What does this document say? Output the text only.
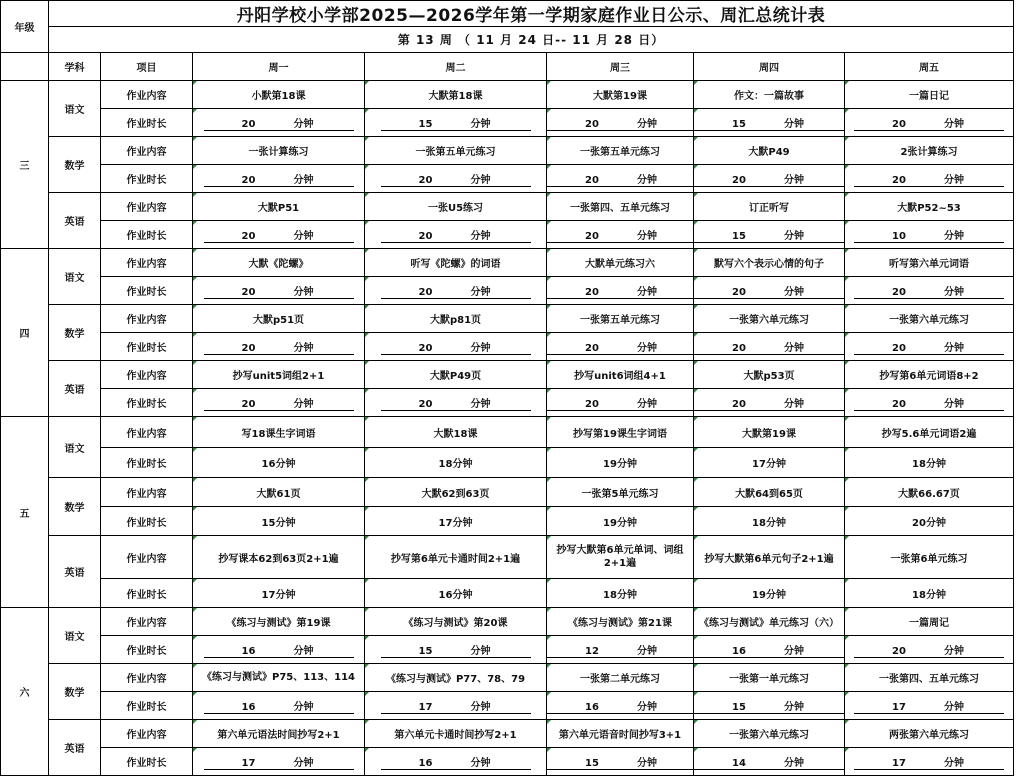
年级	丹阳学校小学部2025—2026学年第一学期家庭作业日公示、周汇总统计表						
	第 13 周 （ 11 月 24 日-- 11 月 28 日）						
	学科	项目	周一	周二	周三	周四	周五
三	语文	作业内容	小默第18课	大默第18课	大默第19课	作文：一篇故事	一篇日记
		作业时长	20 分钟	15 分钟	20 分钟	15 分钟	20 分钟
	数学	作业内容	一张计算练习	一张第五单元练习	一张第五单元练习	大默P49	2张计算练习
		作业时长	20 分钟	20 分钟	20 分钟	20 分钟	20 分钟
	英语	作业内容	大默P51	一张U5练习	一张第四、五单元练习	订正听写	大默P52~53
		作业时长	20 分钟	20 分钟	20 分钟	15 分钟	10 分钟
四	语文	作业内容	大默《陀螺》	听写《陀螺》的词语	大默单元练习六	默写六个表示心情的句子	听写第六单元词语
		作业时长	20 分钟	20 分钟	20 分钟	20 分钟	20 分钟
	数学	作业内容	大默p51页	大默p81页	一张第五单元练习	一张第六单元练习	一张第六单元练习
		作业时长	20 分钟	20 分钟	20 分钟	20 分钟	20 分钟
	英语	作业内容	抄写unit5词组2+1	大默P49页	抄写unit6词组4+1	大默p53页	抄写第6单元词语8+2
		作业时长	20 分钟	20 分钟	20 分钟	20 分钟	20 分钟
五	语文	作业内容	写18课生字词语	大默18课	抄写第19课生字词语	大默第19课	抄写5.6单元词语2遍
		作业时长	16分钟	18分钟	19分钟	17分钟	18分钟
	数学	作业内容	大默61页	大默62到63页	一张第5单元练习	大默64到65页	大默66.67页
		作业时长	15分钟	17分钟	19分钟	18分钟	20分钟
	英语	作业内容	抄写课本62到63页2+1遍	抄写第6单元卡通时间2+1遍	抄写大默第6单元单词、词组2+1遍	抄写大默第6单元句子2+1遍	一张第6单元练习
		作业时长	17分钟	16分钟	18分钟	19分钟	18分钟
六	语文	作业内容	《练习与测试》第19课	《练习与测试》第20课	《练习与测试》第21课	《练习与测试》单元练习（六）	一篇周记
		作业时长	16 分钟	15 分钟	12 分钟	16 分钟	20 分钟
	数学	作业内容	《练习与测试》P75、113、114	《练习与测试》P77、78、79	一张第二单元练习	一张第一单元练习	一张第四、五单元练习
		作业时长	16 分钟	17 分钟	16 分钟	15 分钟	17 分钟
	英语	作业内容	第六单元语法时间抄写2+1	第六单元卡通时间抄写2+1	第六单元语音时间抄写3+1	一张第六单元练习	两张第六单元练习
		作业时长	17 分钟	16 分钟	15 分钟	14 分钟	17 分钟
